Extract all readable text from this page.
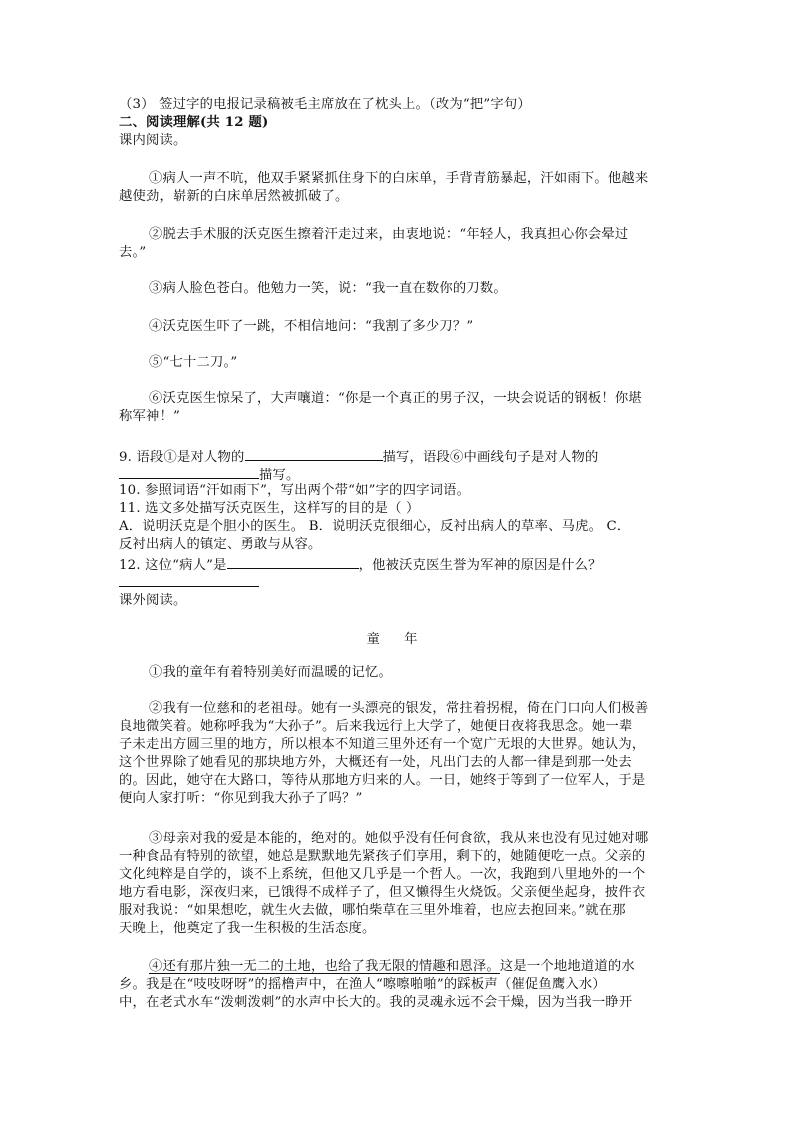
（3） 签过字的电报记录稿被毛主席放在了枕头上。（改为“把”字句）
二、阅读理解(共 12 题)
课内阅读。
①病人一声不吭，他双手紧紧抓住身下的白床单，手背青筋暴起，汗如雨下。他越来
越使劲，崭新的白床单居然被抓破了。
②脱去手术服的沃克医生擦着汗走过来，由衷地说：“年轻人，我真担心你会晕过
去。”
③病人脸色苍白。他勉力一笑，说：“我一直在数你的刀数。
④沃克医生吓了一跳，不相信地问：“我割了多少刀？”
⑤“七十二刀。”
⑥沃克医生惊呆了，大声嚷道：“你是一个真正的男子汉，一块会说话的钢板！你堪
称军神！”
9. 语段①是对人物的	描写，语段⑥中画线句子是对人物的
描写。
10. 参照词语“汗如雨下”，写出两个带“如”字的四字词语。
11. 选文多处描写沃克医生，这样写的目的是（ ）
A．说明沃克是个胆小的医生。 B．说明沃克很细心，反衬出病人的草率、马虎。 C．
反衬出病人的镇定、勇敢与从容。
12. 这位“病人”是	，他被沃克医生誉为军神的原因是什么？
课外阅读。
童 年
①我的童年有着特别美好而温暖的记忆。
②我有一位慈和的老祖母。她有一头漂亮的银发，常拄着拐棍，倚在门口向人们极善
良地微笑着。她称呼我为“大孙子”。后来我远行上大学了，她便日夜将我思念。她一辈
子未走出方圆三里的地方，所以根本不知道三里外还有一个宽广无垠的大世界。她认为，
这个世界除了她看见的那块地方外，大概还有一处，凡出门去的人都一律是到那一处去
的。因此，她守在大路口，等待从那地方归来的人。一日，她终于等到了一位军人，于是
便向人家打听：“你见到我大孙子了吗？”
③母亲对我的爱是本能的，绝对的。她似乎没有任何食欲，我从来也没有见过她对哪
一种食品有特别的欲望，她总是默默地先紧孩子们享用，剩下的，她随便吃一点。父亲的
文化纯粹是自学的，谈不上系统，但他又几乎是一个哲人。一次，我跑到八里地外的一个
地方看电影，深夜归来，已饿得不成样子了，但又懒得生火烧饭。父亲便坐起身，披件衣
服对我说：“如果想吃，就生火去做，哪怕柴草在三里外堆着，也应去抱回来。”就在那
天晚上，他奠定了我一生积极的生活态度。
④还有那片独一无二的土地，也给了我无限的情趣和恩泽。这是一个地地道道的水
乡。我是在“吱吱呀呀”的摇橹声中，在渔人“嚓嚓啪啪”的踩板声（催促鱼鹰入水）
中，在老式水车“泼刺泼刺”的水声中长大的。我的灵魂永远不会干燥，因为当我一睁开
